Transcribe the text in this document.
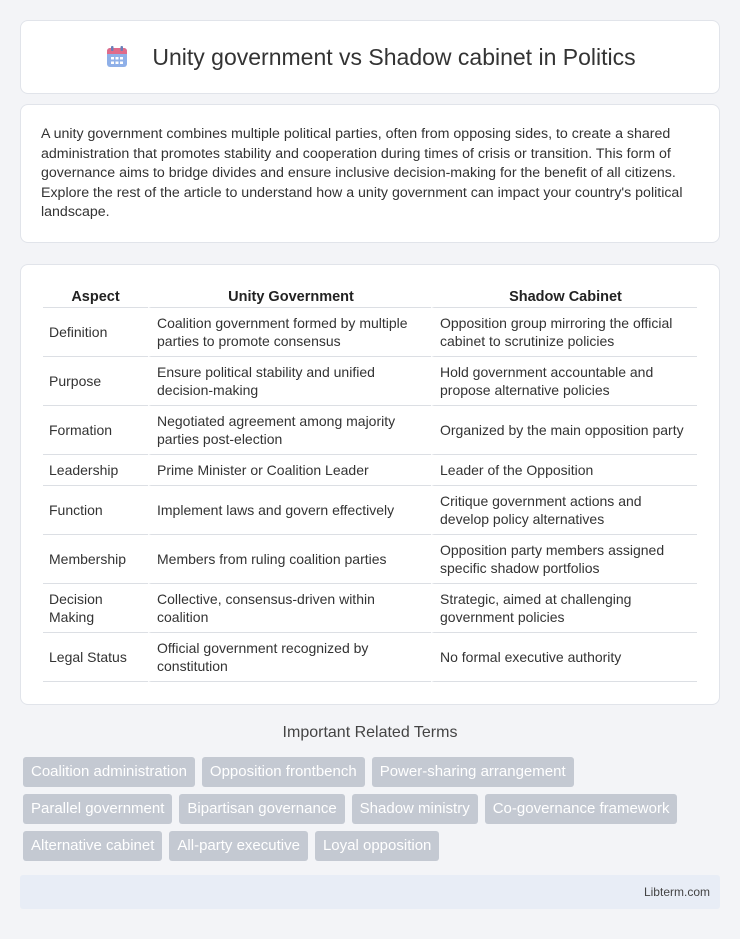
Unity government vs Shadow cabinet in Politics

A unity government combines multiple political parties, often from opposing sides, to create a shared administration that promotes stability and cooperation during times of crisis or transition. This form of governance aims to bridge divides and ensure inclusive decision-making for the benefit of all citizens. Explore the rest of the article to understand how a unity government can impact your country's political landscape.

Aspect	Unity Government	Shadow Cabinet
Definition	Coalition government formed by multiple parties to promote consensus	Opposition group mirroring the official cabinet to scrutinize policies
Purpose	Ensure political stability and unified decision-making	Hold government accountable and propose alternative policies
Formation	Negotiated agreement among majority parties post-election	Organized by the main opposition party
Leadership	Prime Minister or Coalition Leader	Leader of the Opposition
Function	Implement laws and govern effectively	Critique government actions and develop policy alternatives
Membership	Members from ruling coalition parties	Opposition party members assigned specific shadow portfolios
Decision Making	Collective, consensus-driven within coalition	Strategic, aimed at challenging government policies
Legal Status	Official government recognized by constitution	No formal executive authority
Important Related Terms
Coalition administration	Opposition frontbench	Power-sharing arrangement
Parallel government	Bipartisan governance	Shadow ministry	Co-governance framework
Alternative cabinet	All-party executive	Loyal opposition
Libterm.com
